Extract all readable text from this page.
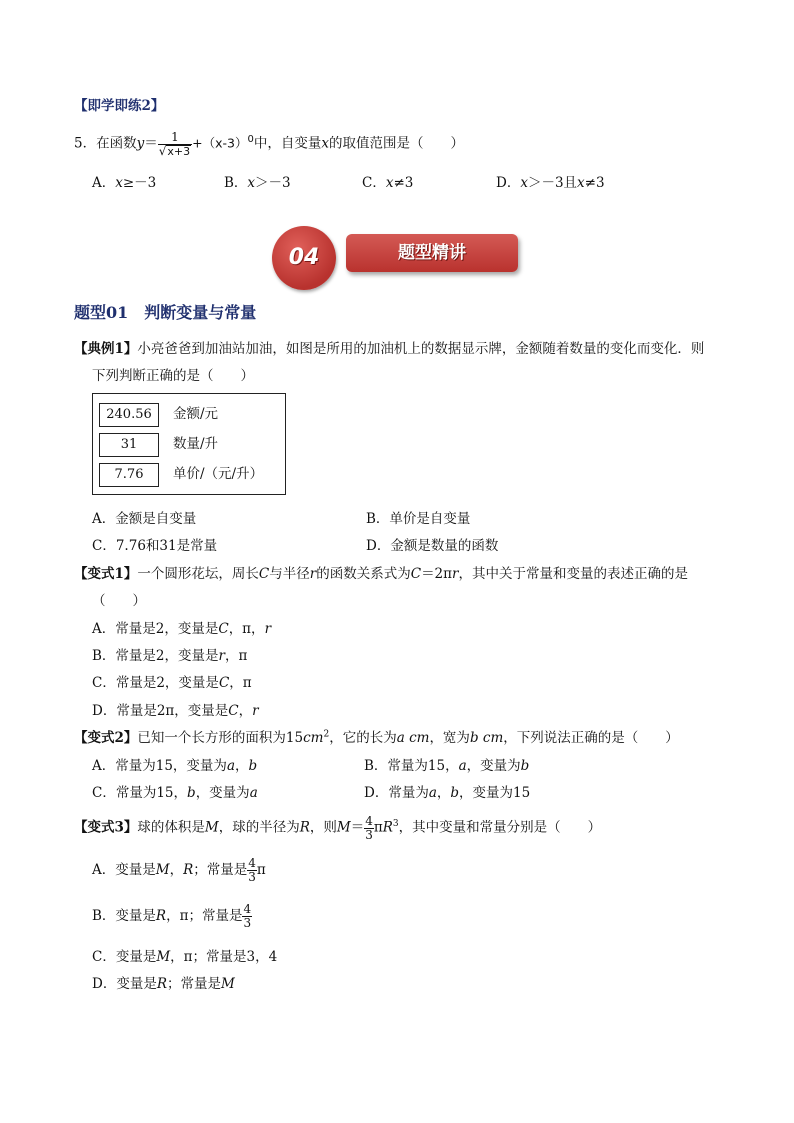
【即学即练2】
5．在函数$y= \frac{1}{√x+3} +(x-3)^0$中，自变量x的取值范围是（　　）
A．x≥－3	B．x＞－3	C．x≠3	D．x＞－3且x≠3
题型精讲
04
题型01　判断变量与常量
【典例1】小亮爸爸到加油站加油，如图是所用的加油机上的数据显示牌，金额随着数量的变化而变化．则
下列判断正确的是（　　）
240.56	金额/元
31	数量/升
7.76	单价/（元/升）
A．金额是自变量	B．单价是自变量
C．7.76和31是常量	D．金额是数量的函数
【变式1】一个圆形花坛，周长C与半径r的函数关系式为C＝2πr，其中关于常量和变量的表述正确的是
（　　）
A．常量是2，变量是C，π，r
B．常量是2，变量是r，π
C．常量是2，变量是C，π
D．常量是2π，变量是C，r
【变式2】已知一个长方形的面积为$15cm^2$，它的长为a cm，宽为b cm，下列说法正确的是（　　）
A．常量为15，变量为a，b	B．常量为15，a，变量为b
C．常量为15，b，变量为a	D．常量为a，b，变量为15
【变式3】球的体积是M，球的半径为R，则$M= \frac{4}{3} \pi R^3$，其中变量和常量分别是（　　）
A．变量是M，R；常量是 $\frac{4}{3}$ π
B．变量是R，π；常量是 $\frac{4}{3}$
C．变量是M，π；常量是3，4
D．变量是R；常量是M
